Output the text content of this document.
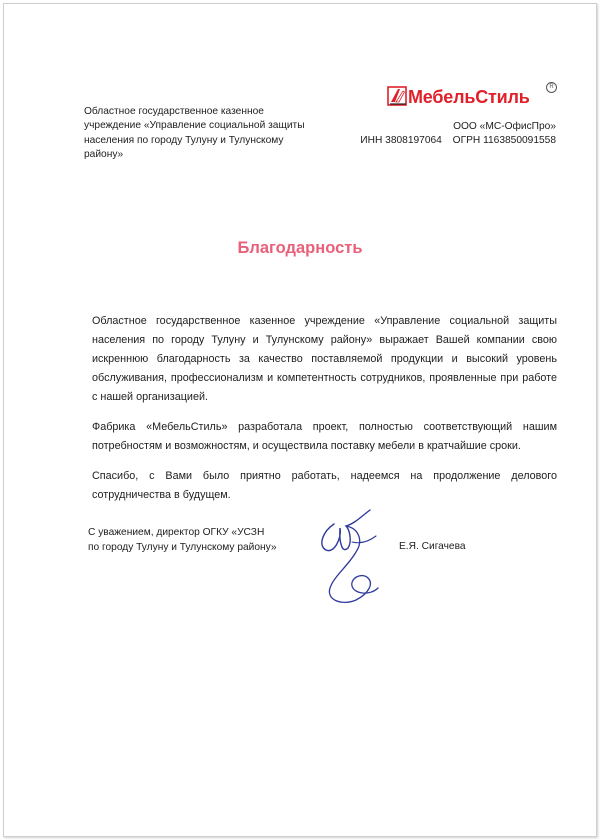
Областное государственное казенное
учреждение «Управление социальной защиты
населения по городу Тулуну и Тулунскому
району»
МебельСтиль	R
ООО «МС-ОфисПро»
ИНН 3808197064 ОГРН 1163850091558
Благодарность

Областное государственное казенное учреждение «Управление социальной защиты населения по городу Тулуну и Тулунскому району» выражает Вашей компании свою искреннюю благодарность за качество поставляемой продукции и высокий уровень обслуживания, профессионализм и компетентность сотрудников, проявленные при работе с нашей организацией.

Фабрика «МебельСтиль» разработала проект, полностью соответствующий нашим потребностям и возможностям, и осуществила поставку мебели в кратчайшие сроки.

Спасибо, с Вами было приятно работать, надеемся на продолжение делового сотрудничества в будущем.

С уважением, директор ОГКУ «УСЗН
по городу Тулуну и Тулунскому району»	Е.Я. Сигачева
